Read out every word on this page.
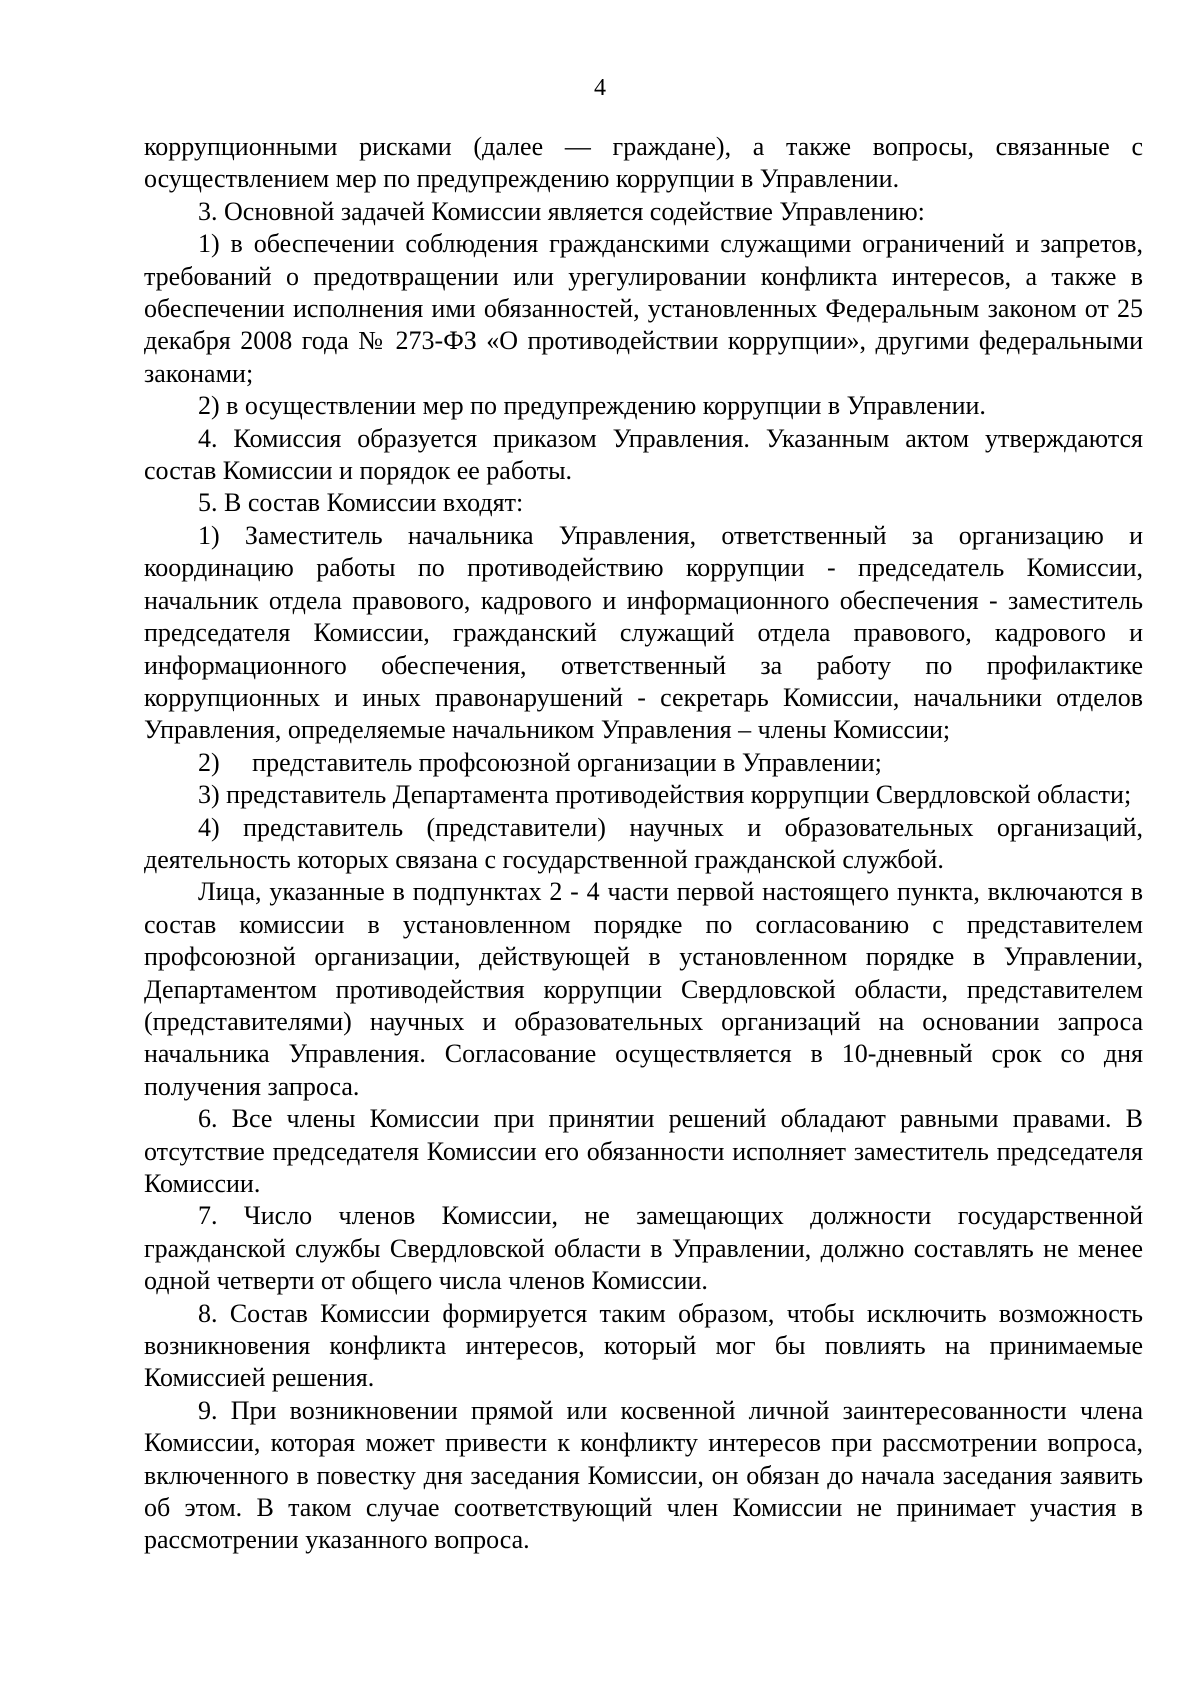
4

коррупционными рисками (далее — граждане), а также вопросы, связанные с осуществлением мер по предупреждению коррупции в Управлении.

3. Основной задачей Комиссии является содействие Управлению:

1) в обеспечении соблюдения гражданскими служащими ограничений и запретов, требований о предотвращении или урегулировании конфликта интересов, а также в обеспечении исполнения ими обязанностей, установленных Федеральным законом от 25 декабря 2008 года № 273-ФЗ «О противодействии коррупции», другими федеральными законами;

2) в осуществлении мер по предупреждению коррупции в Управлении.

4. Комиссия образуется приказом Управления. Указанным актом утверждаются состав Комиссии и порядок ее работы.

5. В состав Комиссии входят:

1) Заместитель начальника Управления, ответственный за организацию и координацию работы по противодействию коррупции - председатель Комиссии, начальник отдела правового, кадрового и информационного обеспечения - заместитель председателя Комиссии, гражданский служащий отдела правового, кадрового и информационного обеспечения, ответственный за работу по профилактике коррупционных и иных правонарушений - секретарь Комиссии, начальники отделов Управления, определяемые начальником Управления – члены Комиссии;

2)     представитель профсоюзной организации в Управлении;

3) представитель Департамента противодействия коррупции Свердловской области;

4) представитель (представители) научных и образовательных организаций, деятельность которых связана с государственной гражданской службой.

Лица, указанные в подпунктах 2 - 4 части первой настоящего пункта, включаются в состав комиссии в установленном порядке по согласованию с представителем профсоюзной организации, действующей в установленном порядке в Управлении, Департаментом противодействия коррупции Свердловской области, представителем (представителями) научных и образовательных организаций на основании запроса начальника Управления. Согласование осуществляется в 10-дневный срок со дня получения запроса.

6. Все члены Комиссии при принятии решений обладают равными правами. В отсутствие председателя Комиссии его обязанности исполняет заместитель председателя Комиссии.

7. Число членов Комиссии, не замещающих должности государственной гражданской службы Свердловской области в Управлении, должно составлять не менее одной четверти от общего числа членов Комиссии.

8. Состав Комиссии формируется таким образом, чтобы исключить возможность возникновения конфликта интересов, который мог бы повлиять на принимаемые Комиссией решения.

9. При возникновении прямой или косвенной личной заинтересованности члена Комиссии, которая может привести к конфликту интересов при рассмотрении вопроса, включенного в повестку дня заседания Комиссии, он обязан до начала заседания заявить об этом. В таком случае соответствующий член Комиссии не принимает участия в рассмотрении указанного вопроса.
